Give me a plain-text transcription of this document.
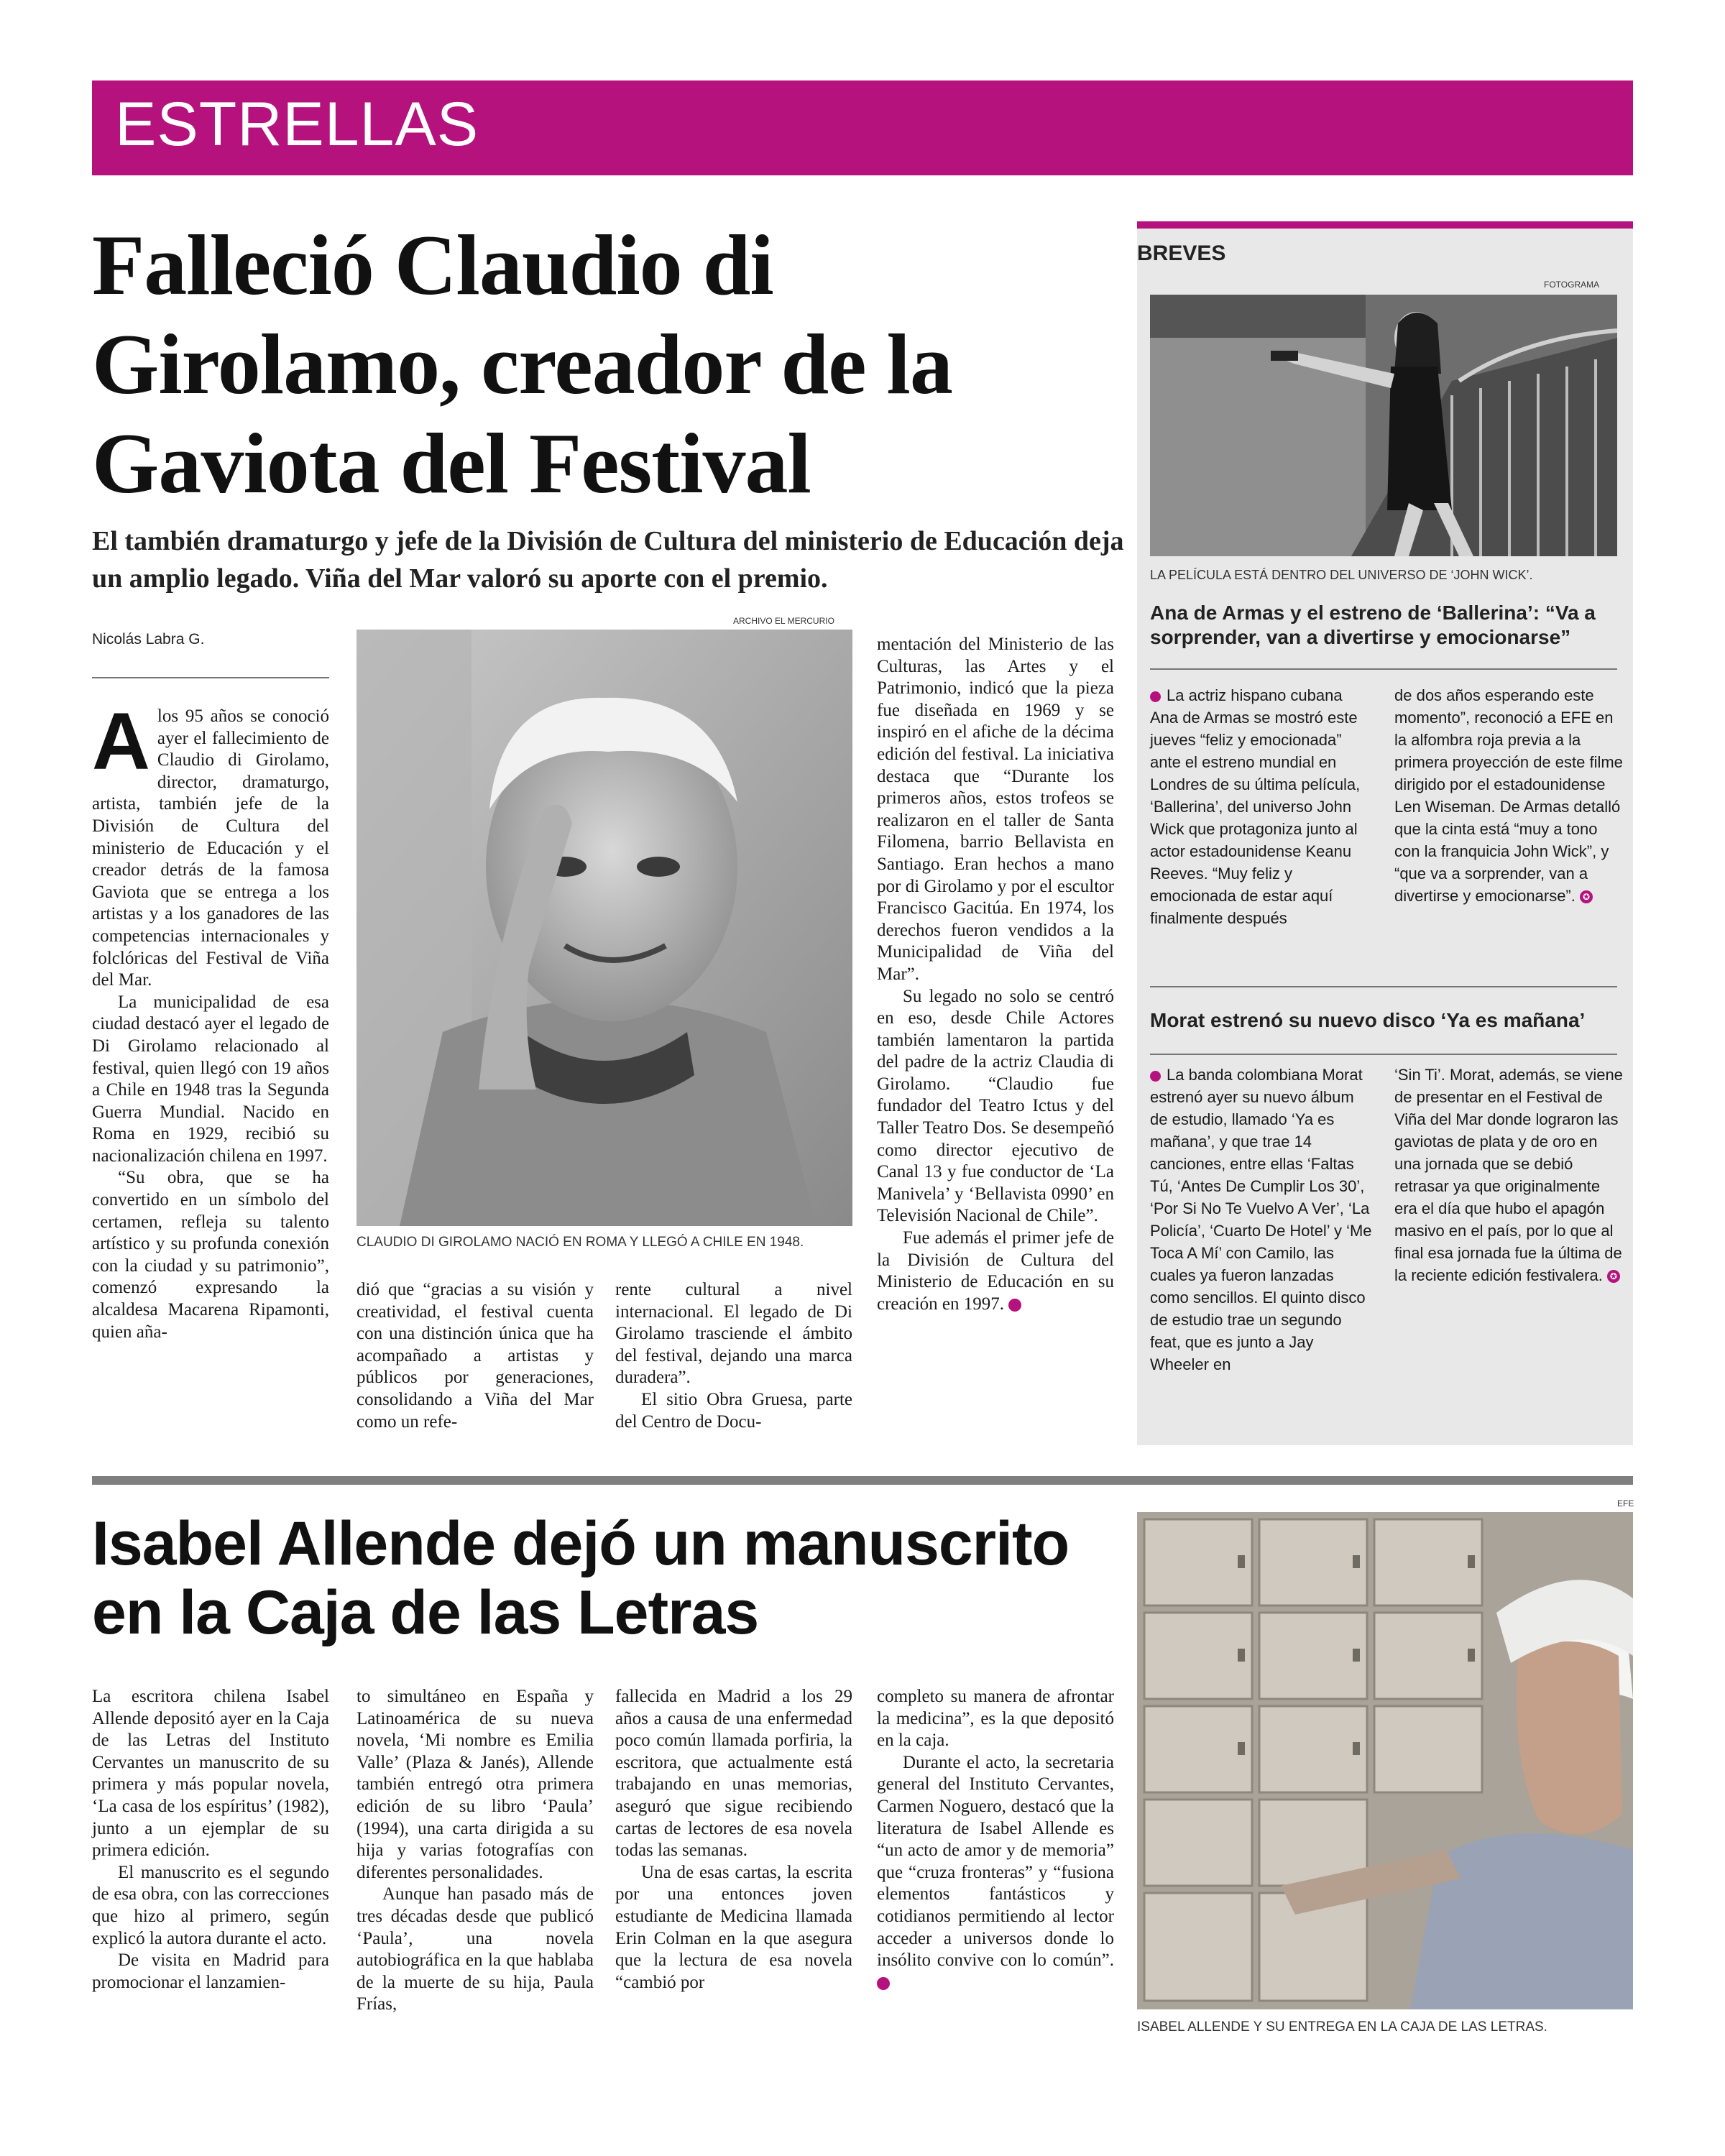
ESTRELLAS
Falleció Claudio di Girolamo, creador de la Gaviota del Festival
El también dramaturgo y jefe de la División de Cultura del ministerio de Educación deja un amplio legado. Viña del Mar valoró su aporte con el premio.
Nicolás Labra G.

Alos 95 años se conoció ayer el fallecimiento de Claudio di Girolamo, director, dramaturgo, artista, también jefe de la División de Cultura del ministerio de Educación y el creador detrás de la famosa Gaviota que se entrega a los artistas y a los ganadores de las competencias internacionales y folclóricas del Festival de Viña del Mar.

La municipalidad de esa ciudad destacó ayer el legado de Di Girolamo relacionado al festival, quien llegó con 19 años a Chile en 1948 tras la Segunda Guerra Mundial. Nacido en Roma en 1929, recibió su nacionalización chilena en 1997.

“Su obra, que se ha convertido en un símbolo del certamen, refleja su talento artístico y su profunda conexión con la ciudad y su patrimonio”, comenzó expresando la alcaldesa Macarena Ripamonti, quien aña-

ARCHIVO EL MERCURIO
CLAUDIO DI GIROLAMO NACIÓ EN ROMA Y LLEGÓ A CHILE EN 1948.

dió que “gracias a su visión y creatividad, el festival cuenta con una distinción única que ha acompañado a artistas y públicos por generaciones, consolidando a Viña del Mar como un refe-

rente cultural a nivel internacional. El legado de Di Girolamo trasciende el ámbito del festival, dejando una marca duradera”.

El sitio Obra Gruesa, parte del Centro de Docu-

mentación del Ministerio de las Culturas, las Artes y el Patrimonio, indicó que la pieza fue diseñada en 1969 y se inspiró en el afiche de la décima edición del festival. La iniciativa destaca que “Durante los primeros años, estos trofeos se realizaron en el taller de Santa Filomena, barrio Bellavista en Santiago. Eran hechos a mano por di Girolamo y por el escultor Francisco Gacitúa. En 1974, los derechos fueron vendidos a la Municipalidad de Viña del Mar”.

Su legado no solo se centró en eso, desde Chile Actores también lamentaron la partida del padre de la actriz Claudia di Girolamo. “Claudio fue fundador del Teatro Ictus y del Taller Teatro Dos. Se desempeñó como director ejecutivo de Canal 13 y fue conductor de ‘La Manivela’ y ‘Bellavista 0990’ en Televisión Nacional de Chile”.

Fue además el primer jefe de la División de Cultura del Ministerio de Educación en su creación en 1997.	✪

BREVES
FOTOGRAMA
LA PELÍCULA ESTÁ DENTRO DEL UNIVERSO DE ‘JOHN WICK’.
Ana de Armas y el estreno de ‘Ballerina’: “Va a sorprender, van a divertirse y emocionarse”

La actriz hispano cubana Ana de Armas se mostró este jueves “feliz y emocionada” ante el estreno mundial en Londres de su última película, ‘Ballerina’, del universo John Wick que protagoniza junto al actor estadounidense Keanu Reeves. “Muy feliz y emocionada de estar aquí finalmente después

de dos años esperando este momento”, reconoció a EFE en la alfombra roja previa a la primera proyección de este filme dirigido por el estadounidense Len Wiseman. De Armas detalló que la cinta está “muy a tono con la franquicia John Wick”, y “que va a sorprender, van a divertirse y emocionarse”. ✪

Morat estrenó su nuevo disco ‘Ya es mañana’

La banda colombiana Morat estrenó ayer su nuevo álbum de estudio, llamado ‘Ya es mañana’, y que trae 14 canciones, entre ellas ‘Faltas Tú, ‘Antes De Cumplir Los 30’, ‘Por Si No Te Vuelvo A Ver’, ‘La Policía’, ‘Cuarto De Hotel’ y ‘Me Toca A Mí’ con Camilo, las cuales ya fueron lanzadas como sencillos. El quinto disco de estudio trae un segundo feat, que es junto a Jay Wheeler en

‘Sin Ti’. Morat, además, se viene de presentar en el Festival de Viña del Mar donde lograron las gaviotas de plata y de oro en una jornada que se debió retrasar ya que originalmente era el día que hubo el apagón masivo en el país, por lo que al final esa jornada fue la última de la reciente edición festivalera. ✪

Isabel Allende dejó un manuscrito en la Caja de las Letras

La escritora chilena Isabel Allende depositó ayer en la Caja de las Letras del Instituto Cervantes un manuscrito de su primera y más popular novela, ‘La casa de los espíritus’ (1982), junto a un ejemplar de su primera edición.

El manuscrito es el segundo de esa obra, con las correcciones que hizo al primero, según explicó la autora durante el acto.

De visita en Madrid para promocionar el lanzamien-

to simultáneo en España y Latinoamérica de su nueva novela, ‘Mi nombre es Emilia Valle’ (Plaza & Janés), Allende también entregó otra primera edición de su libro ‘Paula’ (1994), una carta dirigida a su hija y varias fotografías con diferentes personalidades.

Aunque han pasado más de tres décadas desde que publicó ‘Paula’, una novela autobiográfica en la que hablaba de la muerte de su hija, Paula Frías,

fallecida en Madrid a los 29 años a causa de una enfermedad poco común llamada porfiria, la escritora, que actualmente está trabajando en unas memorias, aseguró que sigue recibiendo cartas de lectores de esa novela todas las semanas.

Una de esas cartas, la escrita por una entonces joven estudiante de Medicina llamada Erin Colman en la que asegura que la lectura de esa novela “cambió por

completo su manera de afrontar la medicina”, es la que depositó en la caja.

Durante el acto, la secretaria general del Instituto Cervantes, Carmen Noguero, destacó que la literatura de Isabel Allende es “un acto de amor y de memoria” que “cruza fronteras” y “fusiona elementos fantásticos y cotidianos permitiendo al lector acceder a universos donde lo insólito convive con lo común”. ✪

EFE
ISABEL ALLENDE Y SU ENTREGA EN LA CAJA DE LAS LETRAS.
